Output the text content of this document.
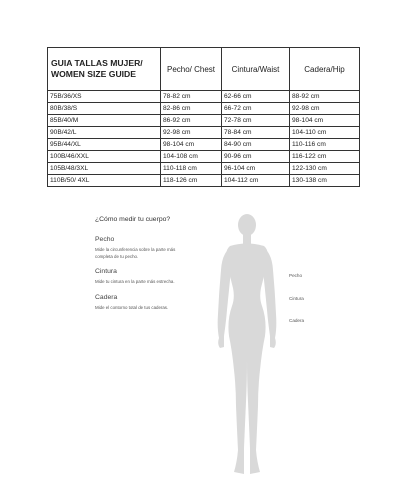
GUIA TALLAS MUJER/
WOMEN SIZE GUIDE	Pecho/ Chest	Cintura/Waist	Cadera/Hip
75B/36/XS	78-82 cm	62-66 cm	88-92 cm
80B/38/S	82-86 cm	66-72 cm	92-98 cm
85B/40/M	86-92 cm	72-78 cm	98-104 cm
90B/42/L	92-98 cm	78-84 cm	104-110 cm
95B/44/XL	98-104 cm	84-90 cm	110-116 cm
100B/46/XXL	104-108 cm	90-96 cm	116-122 cm
105B/48/3XL	110-118 cm	96-104 cm	122-130 cm
110B/50/ 4XL	118-126 cm	104-112 cm	130-138 cm
¿Cómo medir tu cuerpo?
Pecho
Mide la circunferencia sobre la parte más
completa de tu pecho.
Cintura
Mide tu cintura en la parte más estrecha.
Cadera
Mide el contorno total de tus caderas.
Pecho
Cintura
Cadera
